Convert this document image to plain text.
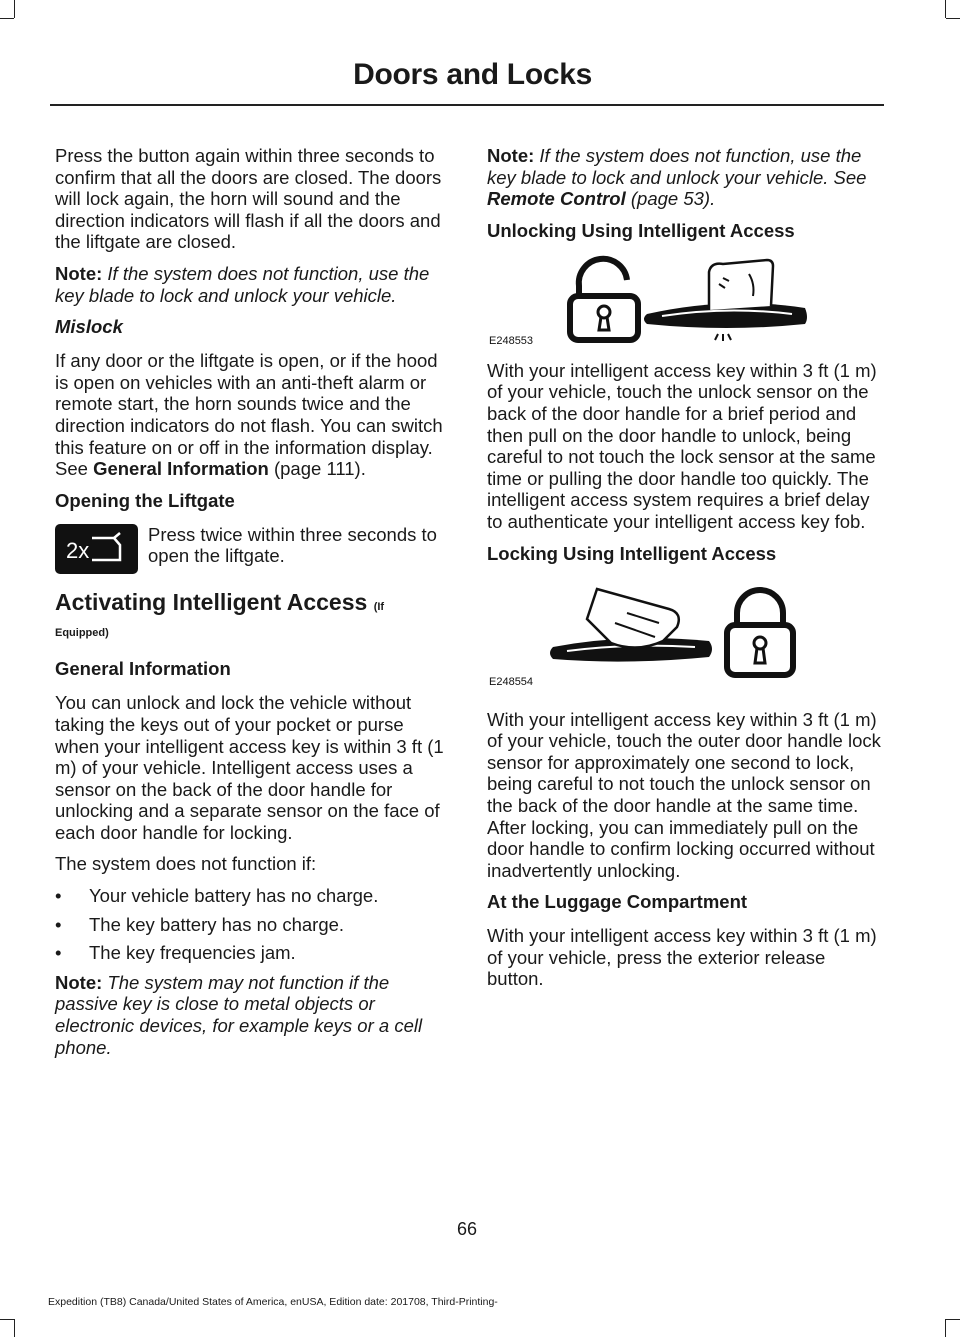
Doors and Locks

Press the button again within three seconds to confirm that all the doors are closed. The doors will lock again, the horn will sound and the direction indicators will flash if all the doors and the liftgate are closed.

Note: If the system does not function, use the key blade to lock and unlock your vehicle.

Mislock

If any door or the liftgate is open, or if the hood is open on vehicles with an anti-theft alarm or remote start, the horn sounds twice and the direction indicators do not flash. You can switch this feature on or off in the information display. See General Information (page 111).

Opening the Liftgate
2x
Press twice within three seconds to open the liftgate.
Activating Intelligent Access (If
Equipped)
General Information

You can unlock and lock the vehicle without taking the keys out of your pocket or purse when your intelligent access key is within 3 ft (1 m) of your vehicle. Intelligent access uses a sensor on the back of the door handle for unlocking and a separate sensor on the face of each door handle for locking.

The system does not function if:

• Your vehicle battery has no charge.
• The key battery has no charge.
• The key frequencies jam.

Note: The system may not function if the passive key is close to metal objects or electronic devices, for example keys or a cell phone.

Note: If the system does not function, use the key blade to lock and unlock your vehicle. See Remote Control (page 53).

Unlocking Using Intelligent Access
E248553

With your intelligent access key within 3 ft (1 m) of your vehicle, touch the unlock sensor on the back of the door handle for a brief period and then pull on the door handle to unlock, being careful to not touch the lock sensor at the same time or pulling the door handle too quickly. The intelligent access system requires a brief delay to authenticate your intelligent access key fob.

Locking Using Intelligent Access
E248554

With your intelligent access key within 3 ft (1 m) of your vehicle, touch the outer door handle lock sensor for approximately one second to lock, being careful to not touch the unlock sensor on the back of the door handle at the same time. After locking, you can immediately pull on the door handle to confirm locking occurred without inadvertently unlocking.

At the Luggage Compartment

With your intelligent access key within 3 ft (1 m) of your vehicle, press the exterior release button.

66
Expedition (TB8) Canada/United States of America, enUSA, Edition date: 201708, Third-Printing-
